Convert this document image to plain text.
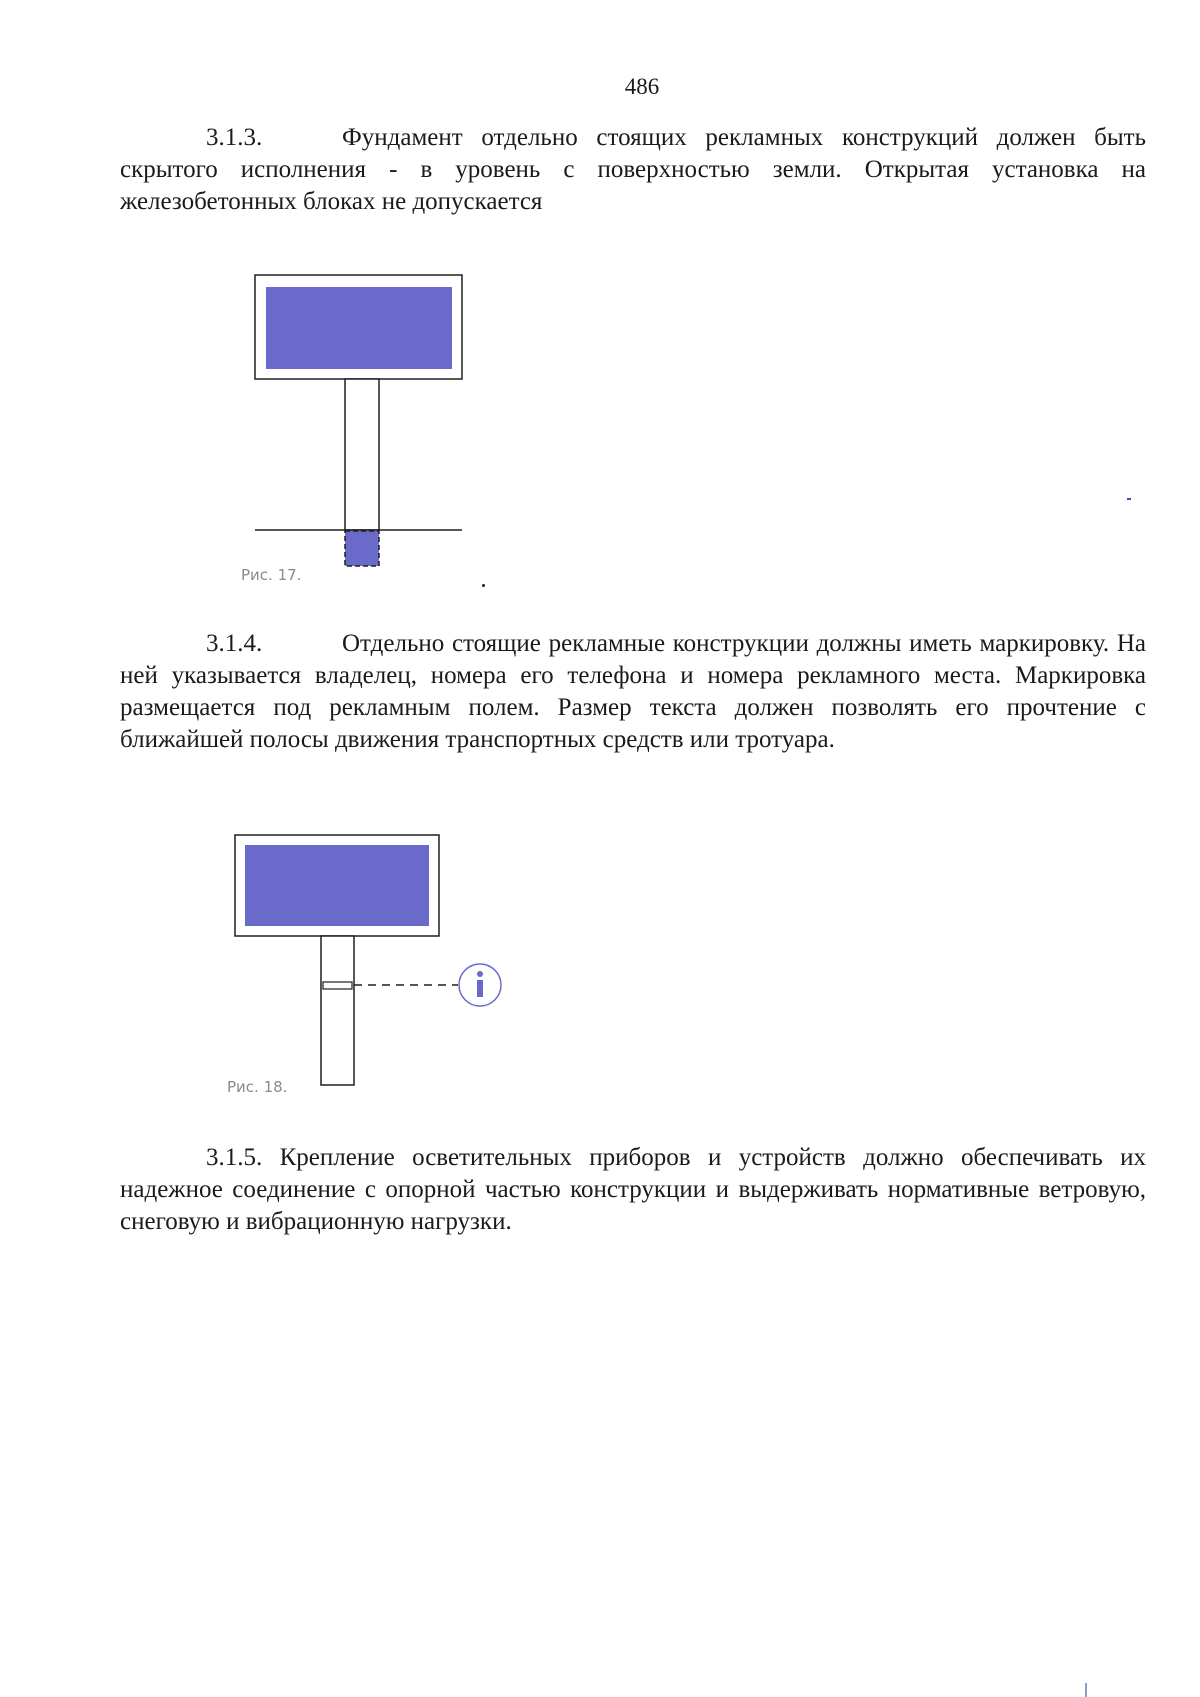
486
3.1.3.	Фундамент отдельно стоящих рекламных конструкций должен быть скрытого исполнения - в уровень с поверхностью земли. Открытая установка на железобетонных блоках не допускается
Рис. 17.
3.1.4.	Отдельно стоящие рекламные конструкции должны иметь маркировку. На ней указывается владелец, номера его телефона и номера рекламного места. Маркировка размещается под рекламным полем. Размер текста должен позволять его прочтение с ближайшей полосы движения транспортных средств или тротуара.
Рис. 18.
3.1.5. Крепление осветительных приборов и устройств должно обеспечивать их надежное соединение с опорной частью конструкции и выдерживать нормативные ветровую, снеговую и вибрационную нагрузки.
